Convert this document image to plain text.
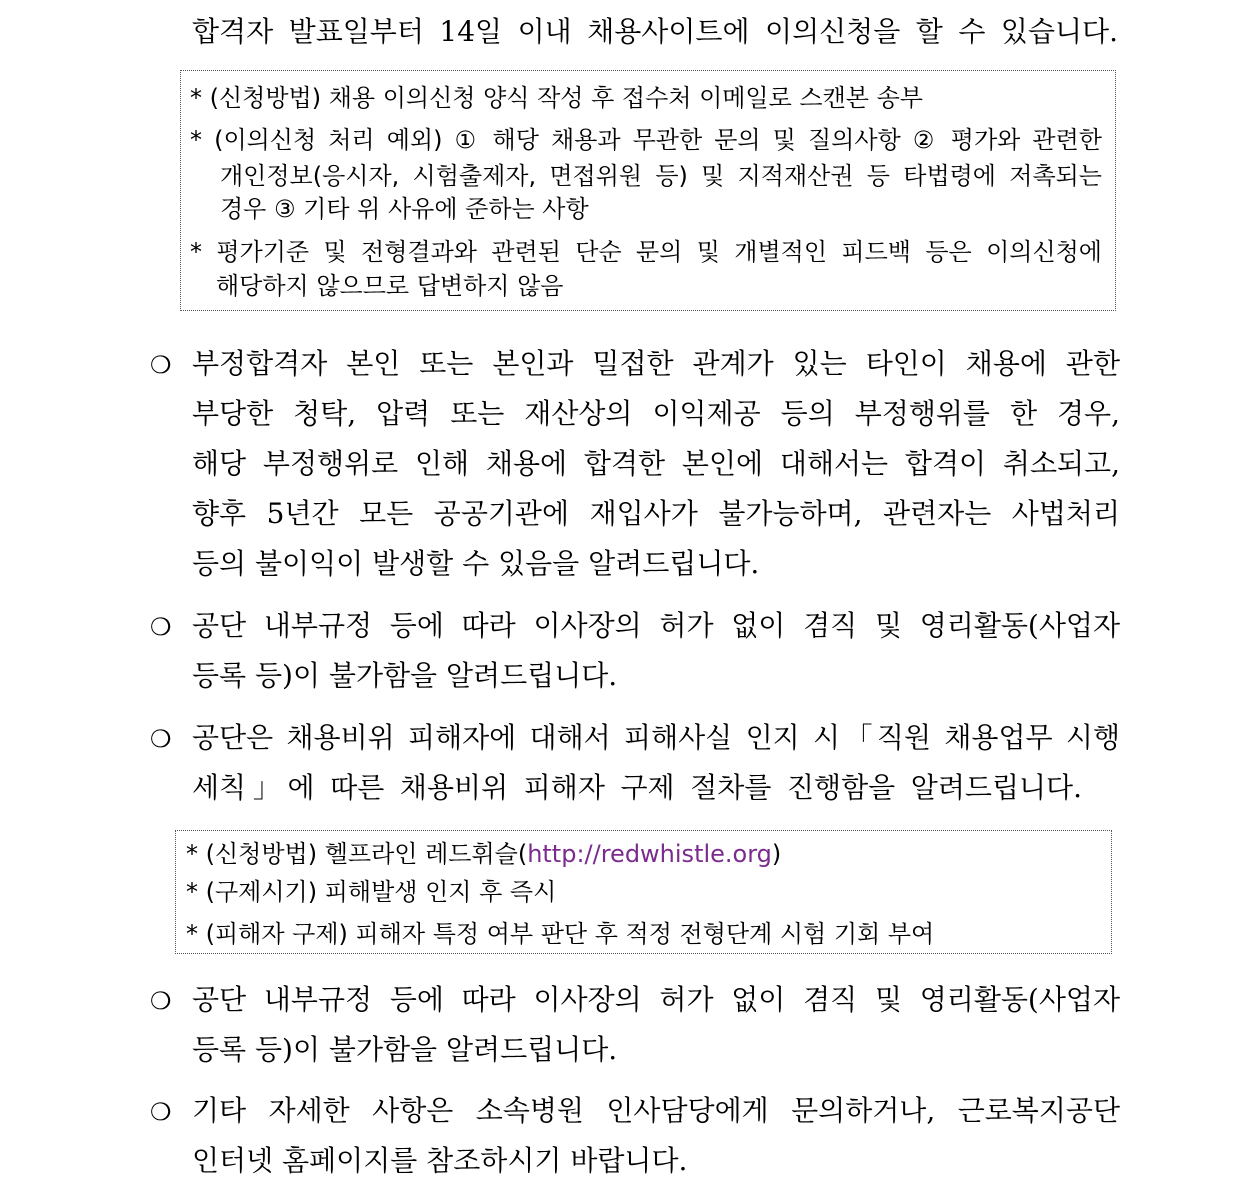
합격자 발표일부터 14일 이내 채용사이트에 이의신청을 할 수 있습니다.
* (신청방법) 채용 이의신청 양식 작성 후 접수처 이메일로 스캔본 송부
* (이의신청 처리 예외) ① 해당 채용과 무관한 문의 및 질의사항 ② 평가와 관련한
개인정보(응시자, 시험출제자, 면접위원 등) 및 지적재산권 등 타법령에 저촉되는
경우 ③ 기타 위 사유에 준하는 사항
* 평가기준 및 전형결과와 관련된 단순 문의 및 개별적인 피드백 등은 이의신청에
해당하지 않으므로 답변하지 않음
❍ 부정합격자 본인 또는 본인과 밀접한 관계가 있는 타인이 채용에 관한
부당한 청탁, 압력 또는 재산상의 이익제공 등의 부정행위를 한 경우,
해당 부정행위로 인해 채용에 합격한 본인에 대해서는 합격이 취소되고,
향후 5년간 모든 공공기관에 재입사가 불가능하며, 관련자는 사법처리
등의 불이익이 발생할 수 있음을 알려드립니다.
❍ 공단 내부규정 등에 따라 이사장의 허가 없이 겸직 및 영리활동(사업자
등록 등)이 불가함을 알려드립니다.
❍ 공단은 채용비위 피해자에 대해서 피해사실 인지 시「직원 채용업무 시행
세칙」에 따른 채용비위 피해자 구제 절차를 진행함을 알려드립니다.
* (신청방법) 헬프라인 레드휘슬(http://redwhistle.org)
* (구제시기) 피해발생 인지 후 즉시
* (피해자 구제) 피해자 특정 여부 판단 후 적정 전형단계 시험 기회 부여
❍ 공단 내부규정 등에 따라 이사장의 허가 없이 겸직 및 영리활동(사업자
등록 등)이 불가함을 알려드립니다.
❍ 기타 자세한 사항은 소속병원 인사담당에게 문의하거나, 근로복지공단
인터넷 홈페이지를 참조하시기 바랍니다.
